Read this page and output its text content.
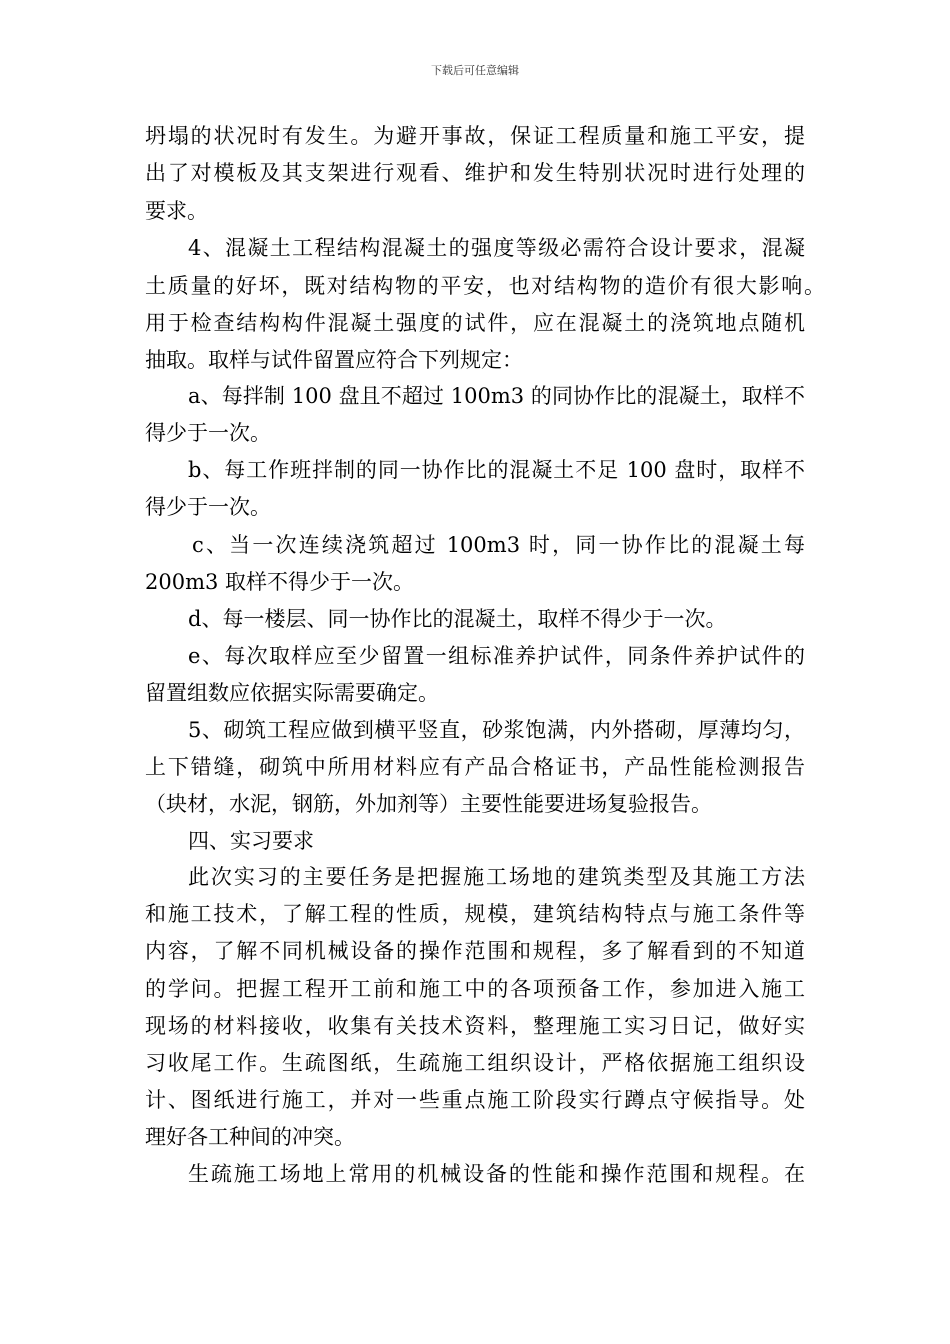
下载后可任意编辑
坍塌的状况时有发生。为避开事故，保证工程质量和施工平安，提
出了对模板及其支架进行观看、维护和发生特别状况时进行处理的
要求。
4、混凝土工程结构混凝土的强度等级必需符合设计要求，混凝
土质量的好坏，既对结构物的平安，也对结构物的造价有很大影响。
用于检查结构构件混凝土强度的试件，应在混凝土的浇筑地点随机
抽取。取样与试件留置应符合下列规定：
a、每拌制 100 盘且不超过 100m3 的同协作比的混凝土，取样不
得少于一次。
b、每工作班拌制的同一协作比的混凝土不足 100 盘时，取样不
得少于一次。
c、当一次连续浇筑超过 100m3 时，同一协作比的混凝土每
200m3 取样不得少于一次。
d、每一楼层、同一协作比的混凝土，取样不得少于一次。
e、每次取样应至少留置一组标准养护试件，同条件养护试件的
留置组数应依据实际需要确定。
5、砌筑工程应做到横平竖直，砂浆饱满，内外搭砌，厚薄均匀，
上下错缝，砌筑中所用材料应有产品合格证书，产品性能检测报告
（块材，水泥，钢筋，外加剂等）主要性能要进场复验报告。
四、实习要求
此次实习的主要任务是把握施工场地的建筑类型及其施工方法
和施工技术，了解工程的性质，规模，建筑结构特点与施工条件等
内容，了解不同机械设备的操作范围和规程，多了解看到的不知道
的学问。把握工程开工前和施工中的各项预备工作，参加进入施工
现场的材料接收，收集有关技术资料，整理施工实习日记，做好实
习收尾工作。生疏图纸，生疏施工组织设计，严格依据施工组织设
计、图纸进行施工，并对一些重点施工阶段实行蹲点守候指导。处
理好各工种间的冲突。
生疏施工场地上常用的机械设备的性能和操作范围和规程。在
